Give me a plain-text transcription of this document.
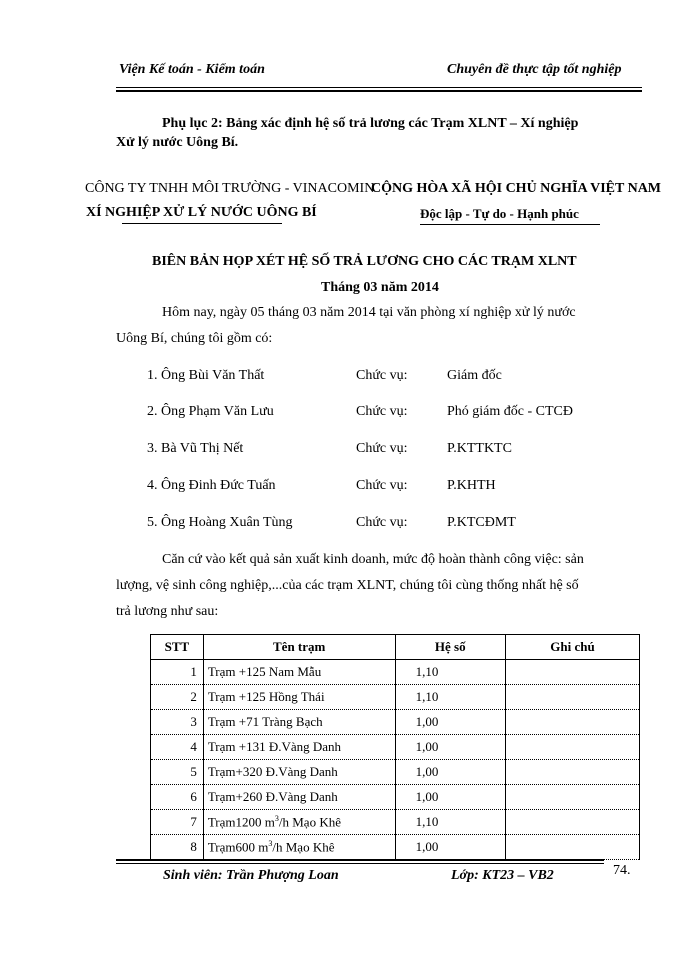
Viện Kế toán - Kiểm toán	Chuyên đề thực tập tốt nghiệp
Phụ lục 2: Bảng xác định hệ số trả lương các Trạm XLNT – Xí nghiệp
Xử lý nước Uông Bí.
CÔNG TY TNHH MÔI TRƯỜNG - VINACOMIN
XÍ NGHIỆP XỬ LÝ NƯỚC UÔNG BÍ
CỘNG HÒA XÃ HỘI CHỦ NGHĨA VIỆT NAM
Độc lập - Tự do - Hạnh phúc
BIÊN BẢN HỌP XÉT HỆ SỐ TRẢ LƯƠNG CHO CÁC TRẠM XLNT
Tháng 03 năm 2014
Hôm nay, ngày 05 tháng 03 năm 2014 tại văn phòng xí nghiệp xử lý nước
Uông Bí, chúng tôi gồm có:
1. Ông Bùi Văn Thất	Chức vụ:	Giám đốc
2. Ông Phạm Văn Lưu	Chức vụ:	Phó giám đốc - CTCĐ
3. Bà Vũ Thị Nết	Chức vụ:	P.KTTKTC
4. Ông Đinh Đức Tuấn	Chức vụ:	P.KHTH
5. Ông Hoàng Xuân Tùng	Chức vụ:	P.KTCĐMT
Căn cứ vào kết quả sản xuất kinh doanh, mức độ hoàn thành công việc: sản
lượng, vệ sinh công nghiệp,...của các trạm XLNT, chúng tôi cùng thống nhất hệ số
trả lương như sau:
STT	Tên trạm	Hệ số	Ghi chú
1	Trạm +125 Nam Mẫu	1,10	
2	Trạm +125 Hồng Thái	1,10	
3	Trạm +71 Tràng Bạch	1,00	
4	Trạm +131 Đ.Vàng Danh	1,00	
5	Trạm+320 Đ.Vàng Danh	1,00	
6	Trạm+260 Đ.Vàng Danh	1,00	
7	Trạm1200 $m^3/h$ Mạo Khê	1,10	
8	Trạm600 $m^3/h$ Mạo Khê	1,00	
Sinh viên: Trần Phượng Loan	Lớp: KT23 – VB2	74.
